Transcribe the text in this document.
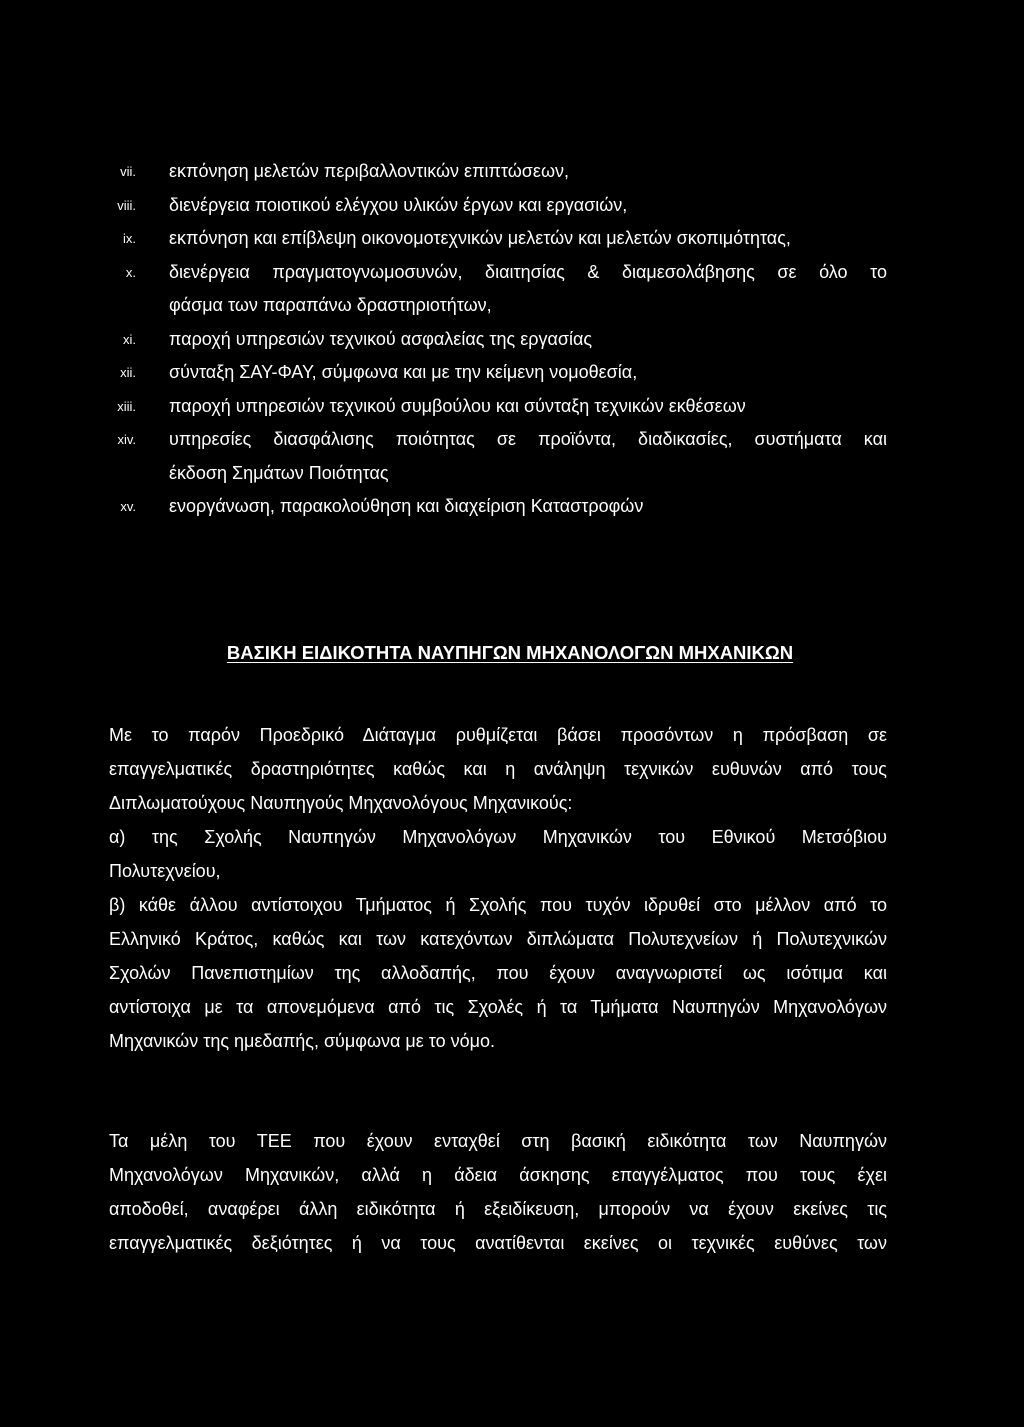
vii. εκπόνηση μελετών περιβαλλοντικών επιπτώσεων,
viii. διενέργεια ποιοτικού ελέγχου υλικών έργων και εργασιών,
ix. εκπόνηση και επίβλεψη οικονομοτεχνικών μελετών και μελετών σκοπιμότητας,
x. διενέργεια πραγματογνωμοσυνών, διαιτησίας & διαμεσολάβησης σε όλο το
φάσμα των παραπάνω δραστηριοτήτων,
xi. παροχή υπηρεσιών τεχνικού ασφαλείας της εργασίας
xii. σύνταξη ΣΑΥ-ΦΑΥ, σύμφωνα και με την κείμενη νομοθεσία,
xiii. παροχή υπηρεσιών τεχνικού συμβούλου και σύνταξη τεχνικών εκθέσεων
xiv. υπηρεσίες διασφάλισης ποιότητας σε προϊόντα, διαδικασίες, συστήματα και
έκδοση Σημάτων Ποιότητας
xv. ενοργάνωση, παρακολούθηση και διαχείριση Καταστροφών
ΒΑΣΙΚΗ ΕΙΔΙΚΟΤΗΤΑ ΝΑΥΠΗΓΩΝ ΜΗΧΑΝΟΛΟΓΩΝ ΜΗΧΑΝΙΚΩΝ
Με το παρόν Προεδρικό Διάταγμα ρυθμίζεται βάσει προσόντων η πρόσβαση σε
επαγγελματικές δραστηριότητες καθώς και η ανάληψη τεχνικών ευθυνών από τους
Διπλωματούχους Ναυπηγούς Μηχανολόγους Μηχανικούς:
α) της Σχολής Ναυπηγών Μηχανολόγων Μηχανικών του Εθνικού Μετσόβιου
Πολυτεχνείου,
β) κάθε άλλου αντίστοιχου Τμήματος ή Σχολής που τυχόν ιδρυθεί στο μέλλον από το
Ελληνικό Κράτος, καθώς και των κατεχόντων διπλώματα Πολυτεχνείων ή Πολυτεχνικών
Σχολών Πανεπιστημίων της αλλοδαπής, που έχουν αναγνωριστεί ως ισότιμα και
αντίστοιχα με τα απονεμόμενα από τις Σχολές ή τα Τμήματα Ναυπηγών Μηχανολόγων
Μηχανικών της ημεδαπής, σύμφωνα με το νόμο.
Τα μέλη του ΤΕΕ που έχουν ενταχθεί στη βασική ειδικότητα των Ναυπηγών
Μηχανολόγων Μηχανικών, αλλά η άδεια άσκησης επαγγέλματος που τους έχει
αποδοθεί, αναφέρει άλλη ειδικότητα ή εξειδίκευση, μπορούν να έχουν εκείνες τις
επαγγελματικές δεξιότητες ή να τους ανατίθενται εκείνες οι τεχνικές ευθύνες των
